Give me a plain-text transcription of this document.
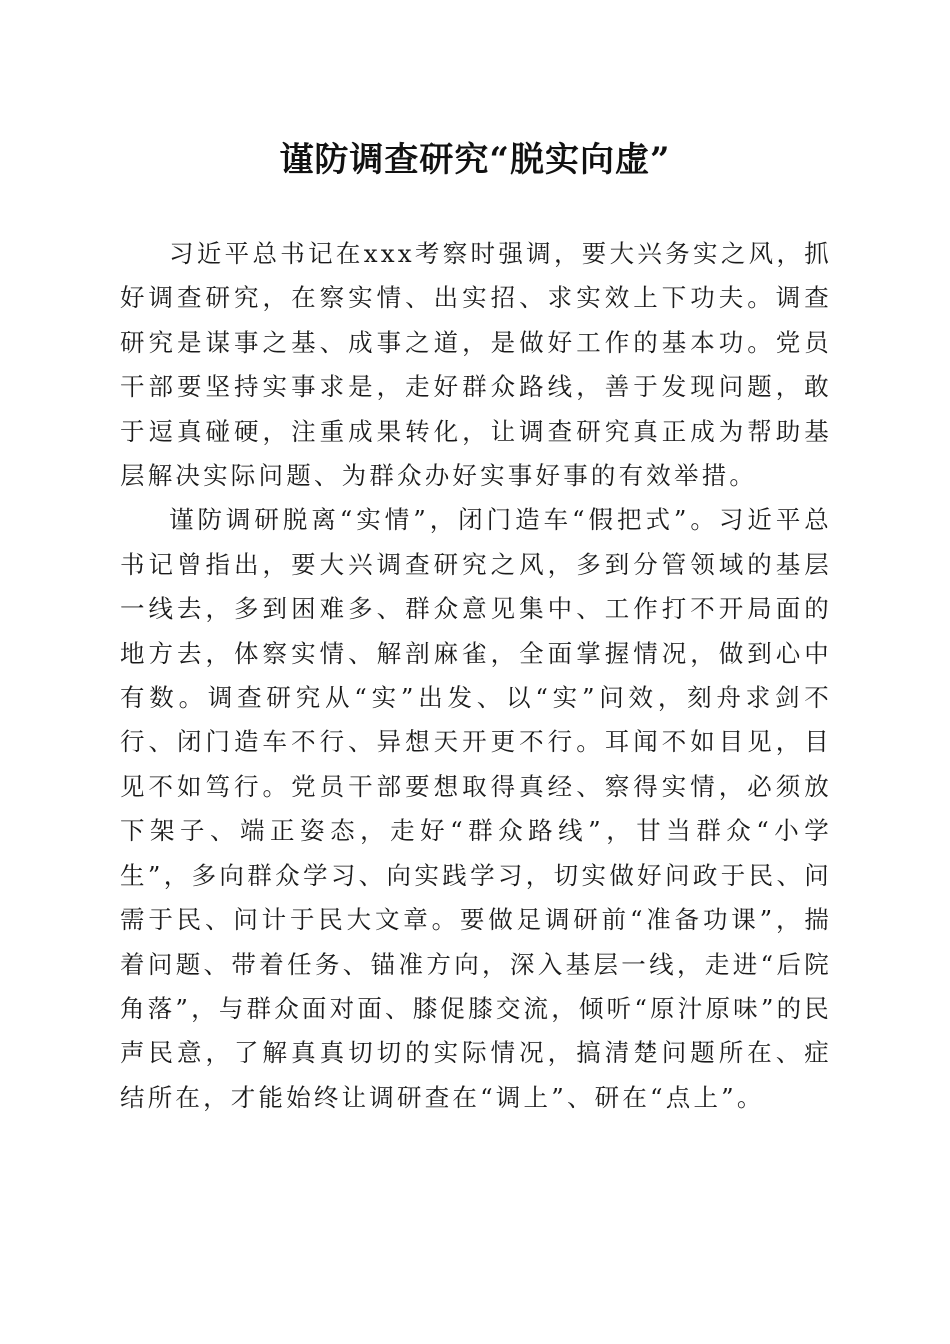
谨防调查研究“脱实向虚”

习近平总书记在xxx考察时强调，要大兴务实之风，抓好调查研究，在察实情、出实招、求实效上下功夫。调查研究是谋事之基、成事之道，是做好工作的基本功。党员干部要坚持实事求是，走好群众路线，善于发现问题，敢于逗真碰硬，注重成果转化，让调查研究真正成为帮助基层解决实际问题、为群众办好实事好事的有效举措。

谨防调研脱离“实情”，闭门造车“假把式”。习近平总书记曾指出，要大兴调查研究之风，多到分管领域的基层一线去，多到困难多、群众意见集中、工作打不开局面的地方去，体察实情、解剖麻雀，全面掌握情况，做到心中有数。调查研究从“实”出发、以“实”问效，刻舟求剑不行、闭门造车不行、异想天开更不行。耳闻不如目见，目见不如笃行。党员干部要想取得真经、察得实情，必须放下架子、端正姿态，走好“群众路线”，甘当群众“小学生”，多向群众学习、向实践学习，切实做好问政于民、问需于民、问计于民大文章。要做足调研前“准备功课”，揣着问题、带着任务、锚准方向，深入基层一线，走进“后院角落”，与群众面对面、膝促膝交流，倾听“原汁原味”的民声民意，了解真真切切的实际情况，搞清楚问题所在、症结所在，才能始终让调研查在“调上”、研在“点上”。
